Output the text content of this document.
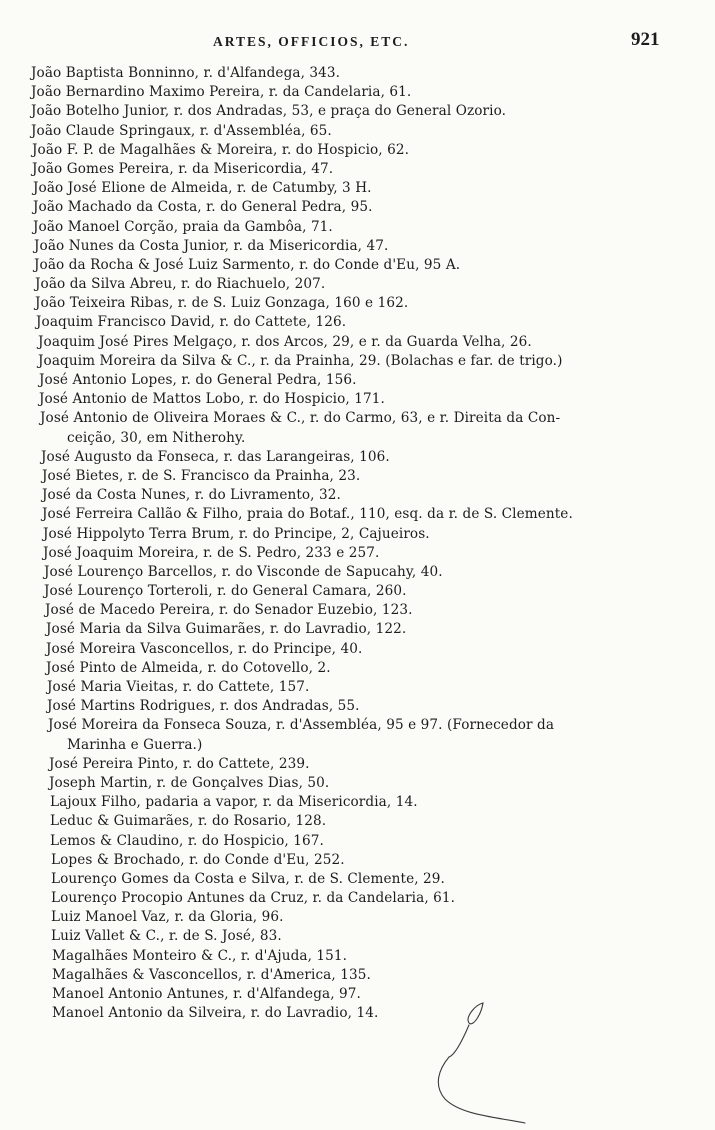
ARTES, OFFICIOS, ETC.	921
João Baptista Bonninno, r. d'Alfandega, 343.
João Bernardino Maximo Pereira, r. da Candelaria, 61.
João Botelho Junior, r. dos Andradas, 53, e praça do General Ozorio.
João Claude Springaux, r. d'Assembléa, 65.
João F. P. de Magalhães & Moreira, r. do Hospicio, 62.
João Gomes Pereira, r. da Misericordia, 47.
João José Elione de Almeida, r. de Catumby, 3 H.
João Machado da Costa, r. do General Pedra, 95.
João Manoel Corção, praia da Gambôa, 71.
João Nunes da Costa Junior, r. da Misericordia, 47.
João da Rocha & José Luiz Sarmento, r. do Conde d'Eu, 95 A.
João da Silva Abreu, r. do Riachuelo, 207.
João Teixeira Ribas, r. de S. Luiz Gonzaga, 160 e 162.
Joaquim Francisco David, r. do Cattete, 126.
Joaquim José Pires Melgaço, r. dos Arcos, 29, e r. da Guarda Velha, 26.
Joaquim Moreira da Silva & C., r. da Prainha, 29. (Bolachas e far. de trigo.)
José Antonio Lopes, r. do General Pedra, 156.
José Antonio de Mattos Lobo, r. do Hospicio, 171.
José Antonio de Oliveira Moraes & C., r. do Carmo, 63, e r. Direita da Con-
ceição, 30, em Nitherohy.
José Augusto da Fonseca, r. das Larangeiras, 106.
José Bietes, r. de S. Francisco da Prainha, 23.
José da Costa Nunes, r. do Livramento, 32.
José Ferreira Callão & Filho, praia do Botaf., 110, esq. da r. de S. Clemente.
José Hippolyto Terra Brum, r. do Principe, 2, Cajueiros.
José Joaquim Moreira, r. de S. Pedro, 233 e 257.
José Lourenço Barcellos, r. do Visconde de Sapucahy, 40.
José Lourenço Torteroli, r. do General Camara, 260.
José de Macedo Pereira, r. do Senador Euzebio, 123.
José Maria da Silva Guimarães, r. do Lavradio, 122.
José Moreira Vasconcellos, r. do Principe, 40.
José Pinto de Almeida, r. do Cotovello, 2.
José Maria Vieitas, r. do Cattete, 157.
José Martins Rodrigues, r. dos Andradas, 55.
José Moreira da Fonseca Souza, r. d'Assembléa, 95 e 97. (Fornecedor da
Marinha e Guerra.)
José Pereira Pinto, r. do Cattete, 239.
Joseph Martin, r. de Gonçalves Dias, 50.
Lajoux Filho, padaria a vapor, r. da Misericordia, 14.
Leduc & Guimarães, r. do Rosario, 128.
Lemos & Claudino, r. do Hospicio, 167.
Lopes & Brochado, r. do Conde d'Eu, 252.
Lourenço Gomes da Costa e Silva, r. de S. Clemente, 29.
Lourenço Procopio Antunes da Cruz, r. da Candelaria, 61.
Luiz Manoel Vaz, r. da Gloria, 96.
Luiz Vallet & C., r. de S. José, 83.
Magalhães Monteiro & C., r. d'Ajuda, 151.
Magalhães & Vasconcellos, r. d'America, 135.
Manoel Antonio Antunes, r. d'Alfandega, 97.
Manoel Antonio da Silveira, r. do Lavradio, 14.
